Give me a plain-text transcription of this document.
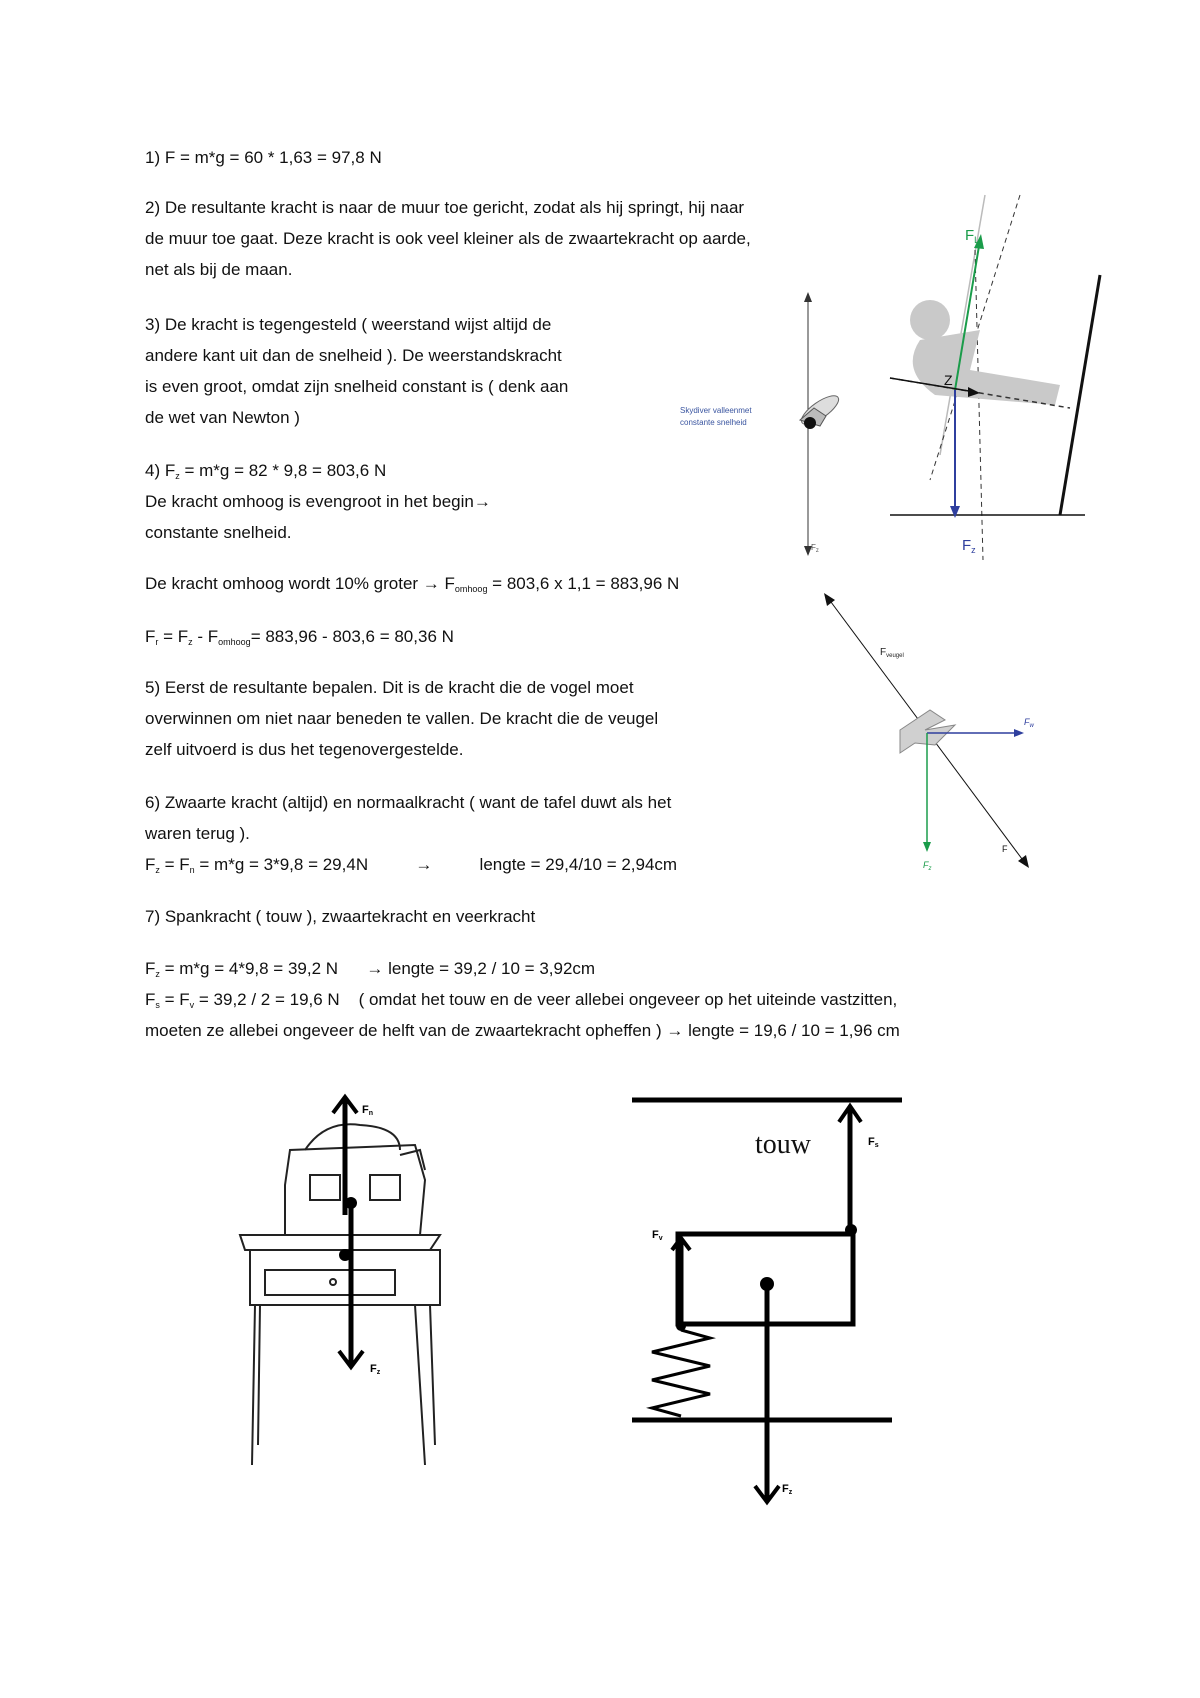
1) F = m*g = 60 * 1,63 = 97,8 N
2) De resultante kracht is naar de muur toe gericht, zodat als hij springt, hij naar
de muur toe gaat. Deze kracht is ook veel kleiner als de zwaartekracht op aarde,
net als bij de maan.
3) De kracht is tegengesteld ( weerstand wijst altijd de
andere kant uit dan de snelheid ). De weerstandskracht
is even groot, omdat zijn snelheid constant is ( denk aan
de wet van Newton )
4) $F_z = m*g = 82 * 9,8 = 803,6$ N
De kracht omhoog is evengroot in het begin→
constante snelheid.
De kracht omhoog wordt 10% groter → $F_{omhoog} = 803,6$ x 1,1 = 883,96 N
$F_r = F_z - F_{omhoog}= 883,96 - 803,6 = 80,36$ N
5) Eerst de resultante bepalen. Dit is de kracht die de vogel moet
overwinnen om niet naar beneden te vallen. De kracht die de veugel
zelf uitvoerd is dus het tegenovergestelde.
6) Zwaarte kracht (altijd) en normaalkracht ( want de tafel duwt als het
waren terug ).
$F_z = F_n = m*g = 3*9,8 = 29,4N$          →          lengte = 29,4/10 = 2,94cm
7) Spankracht ( touw ), zwaartekracht en veerkracht
$F_z = m*g = 4*9,8 = 39,2$ N      → lengte = 39,2 / 10 = 3,92cm
$F_s = F_v = 39,2 / 2 = 19,6$ N    ( omdat het touw en de veer allebei ongeveer op het uiteinde vastzitten,
moeten ze allebei ongeveer de helft van de zwaartekracht opheffen ) → lengte = 19,6 / 10 = 1,96 cm
Skydiver valleenmet
constante snelheid
$F_z$
Z
$F_L$
$F_z$
$F_{veugel}$
$F_w$
$F_z$
F
Fn
Fz
touw	Fs
Fv
Fz
